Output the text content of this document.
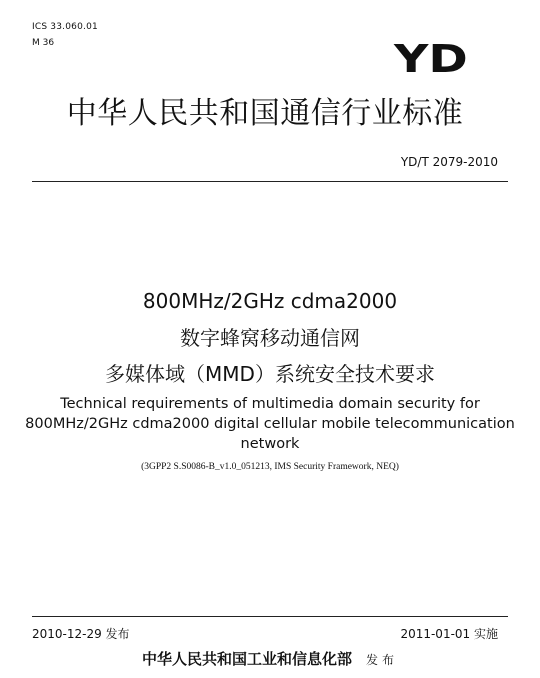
ICS 33.060.01
M 36	YD
中华人民共和国通信行业标准
YD/T 2079-2010
800MHz/2GHz cdma2000
数字蜂窝移动通信网
多媒体域（MMD）系统安全技术要求
Technical requirements of multimedia domain security for
800MHz/2GHz cdma2000 digital cellular mobile telecommunication
network
(3GPP2 S.S0086-B_v1.0_051213, IMS Security Framework, NEQ)
2010-12-29 发布	2011-01-01 实施
中华人民共和国工业和信息化部 发布
